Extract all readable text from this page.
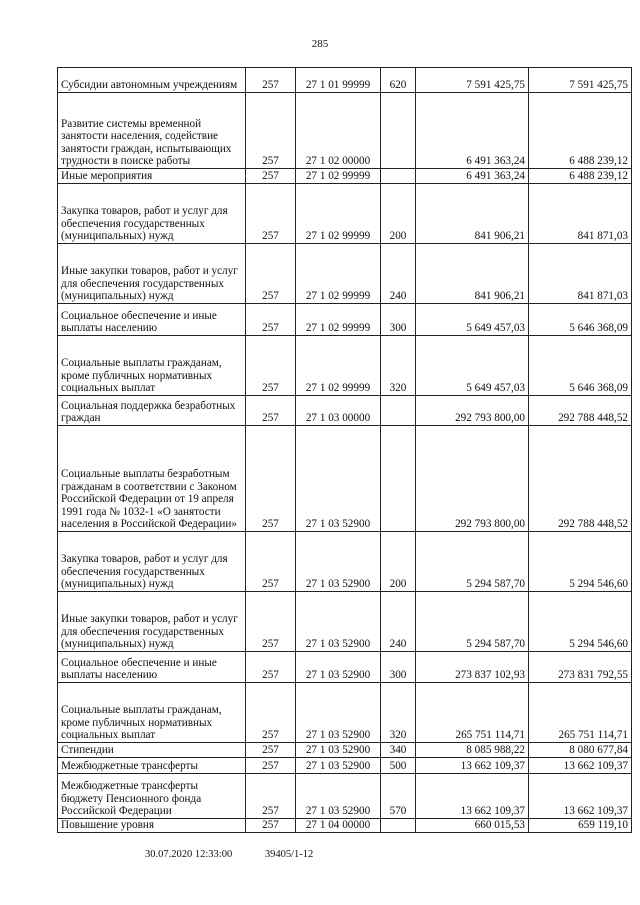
285
Субсидии автономным учреждениям	257	27 1 01 99999	620	7 591 425,75	7 591 425,75
Развитие системы временной занятости населения, содействие занятости граждан, испытывающих трудности в поиске работы	257	27 1 02 00000		6 491 363,24	6 488 239,12
Иные мероприятия	257	27 1 02 99999		6 491 363,24	6 488 239,12
Закупка товаров, работ и услуг для обеспечения государственных (муниципальных) нужд	257	27 1 02 99999	200	841 906,21	841 871,03
Иные закупки товаров, работ и услуг для обеспечения государственных (муниципальных) нужд	257	27 1 02 99999	240	841 906,21	841 871,03
Социальное обеспечение и иные выплаты населению	257	27 1 02 99999	300	5 649 457,03	5 646 368,09
Социальные выплаты гражданам, кроме публичных нормативных социальных выплат	257	27 1 02 99999	320	5 649 457,03	5 646 368,09
Социальная поддержка безработных граждан	257	27 1 03 00000		292 793 800,00	292 788 448,52
Социальные выплаты безработным гражданам в соответствии с Законом Российской Федерации от 19 апреля 1991 года № 1032-1 «О занятости населения в Российской Федерации»	257	27 1 03 52900		292 793 800,00	292 788 448,52
Закупка товаров, работ и услуг для обеспечения государственных (муниципальных) нужд	257	27 1 03 52900	200	5 294 587,70	5 294 546,60
Иные закупки товаров, работ и услуг для обеспечения государственных (муниципальных) нужд	257	27 1 03 52900	240	5 294 587,70	5 294 546,60
Социальное обеспечение и иные выплаты населению	257	27 1 03 52900	300	273 837 102,93	273 831 792,55
Социальные выплаты гражданам, кроме публичных нормативных социальных выплат	257	27 1 03 52900	320	265 751 114,71	265 751 114,71
Стипендии	257	27 1 03 52900	340	8 085 988,22	8 080 677,84
Межбюджетные трансферты	257	27 1 03 52900	500	13 662 109,37	13 662 109,37
Межбюджетные трансферты бюджету Пенсионного фонда Российской Федерации	257	27 1 03 52900	570	13 662 109,37	13 662 109,37
Повышение уровня	257	27 1 04 00000		660 015,53	659 119,10
30.07.2020 12:33:00	39405/1-12
